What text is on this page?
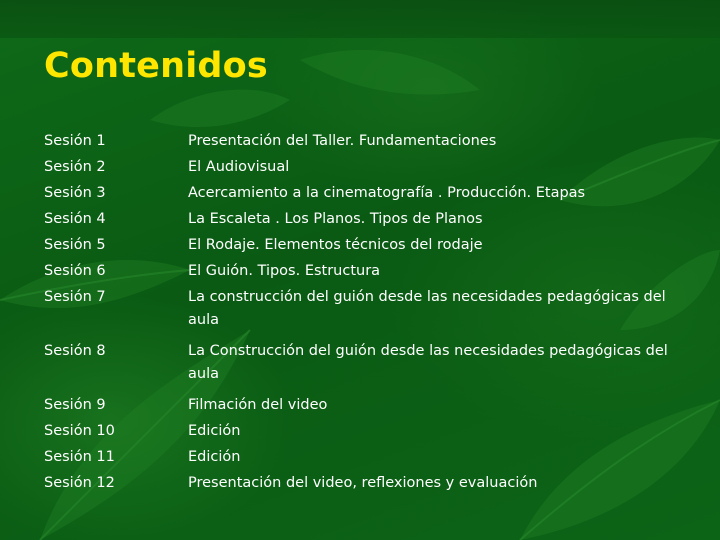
Contenidos
Sesión 1	Presentación del Taller. Fundamentaciones
Sesión 2	El Audiovisual
Sesión 3	Acercamiento a la cinematografía . Producción. Etapas
Sesión 4	La Escaleta . Los Planos. Tipos de Planos
Sesión 5	El Rodaje. Elementos técnicos del rodaje
Sesión 6	El Guión. Tipos. Estructura
Sesión 7	La construcción del guión desde las necesidades pedagógicas del aula
Sesión 8	La Construcción del guión desde las necesidades pedagógicas del aula
Sesión 9	Filmación del video
Sesión 10	Edición
Sesión 11	Edición
Sesión 12	Presentación del video, reflexiones y evaluación
